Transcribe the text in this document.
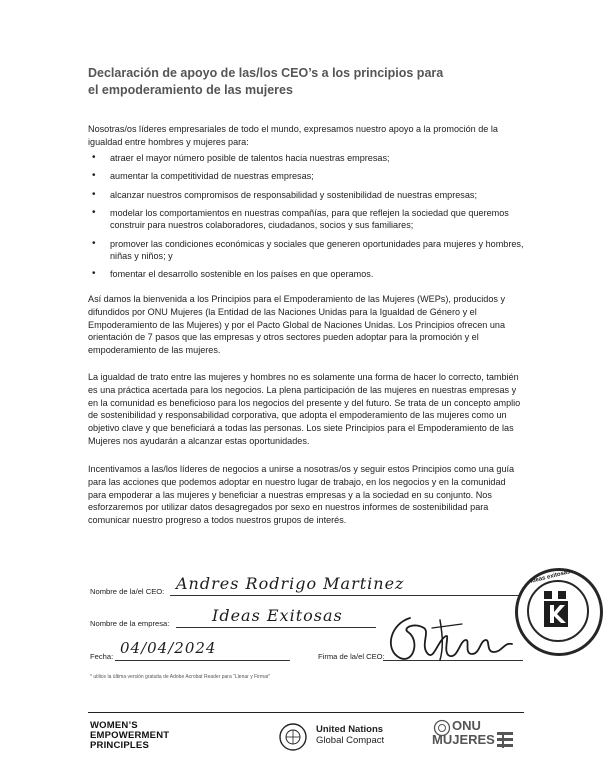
Declaración de apoyo de las/los CEO’s a los principios para
el empoderamiento de las mujeres
Nosotras/os líderes empresariales de todo el mundo, expresamos nuestro apoyo a la promoción de la igualdad entre hombres y mujeres para:
• atraer el mayor número posible de talentos hacia nuestras empresas;
• aumentar la competitividad de nuestras empresas;
• alcanzar nuestros compromisos de responsabilidad y sostenibilidad de nuestras empresas;
• modelar los comportamientos en nuestras compañías, para que reflejen la sociedad que queremos construir para nuestros colaboradores, ciudadanos, socios y sus familiares;
• promover las condiciones económicas y sociales que generen oportunidades para mujeres y hombres, niñas y niños; y
• fomentar el desarrollo sostenible en los países en que operamos.
Así damos la bienvenida a los Principios para el Empoderamiento de las Mujeres (WEPs), producidos y difundidos por ONU Mujeres (la Entidad de las Naciones Unidas para la Igualdad de Género y el Empoderamiento de las Mujeres) y por el Pacto Global de Naciones Unidas. Los Principios ofrecen una orientación de 7 pasos que las empresas y otros sectores pueden adoptar para la promoción y el empoderamiento de las mujeres.
La igualdad de trato entre las mujeres y hombres no es solamente una forma de hacer lo correcto, también es una práctica acertada para los negocios. La plena participación de las mujeres en nuestras empresas y en la comunidad es beneficioso para los negocios del presente y del futuro. Se trata de un concepto amplio de sostenibilidad y responsabilidad corporativa, que adopta el empoderamiento de las mujeres como un objetivo clave y que beneficiará a todas las personas. Los siete Principios para el Empoderamiento de las Mujeres nos ayudarán a alcanzar estas oportunidades.
Incentivamos a las/los líderes de negocios a unirse a nosotras/os y seguir estos Principios como una guía para las acciones que podemos adoptar en nuestro lugar de trabajo, en los negocios y en la comunidad para empoderar a las mujeres y beneficiar a nuestras empresas y a la sociedad en su conjunto. Nos esforzaremos por utilizar datos desagregados por sexo en nuestros informes de sostenibilidad para comunicar nuestro progreso a todos nuestros grupos de interés.
Nombre de la/el CEO: Andres Rodrigo Martinez
Nombre de la empresa:	Ideas Exitosas
Fecha: 04/04/2024	Firma de la/el CEO:
* utilice la última versión gratuita de Adobe Acrobat Reader para "Llenar y Firmar"
Ideas exitosas
WOMEN’S
EMPOWERMENT
PRINCIPLES
United Nations
Global Compact
ONU
MUJERES
